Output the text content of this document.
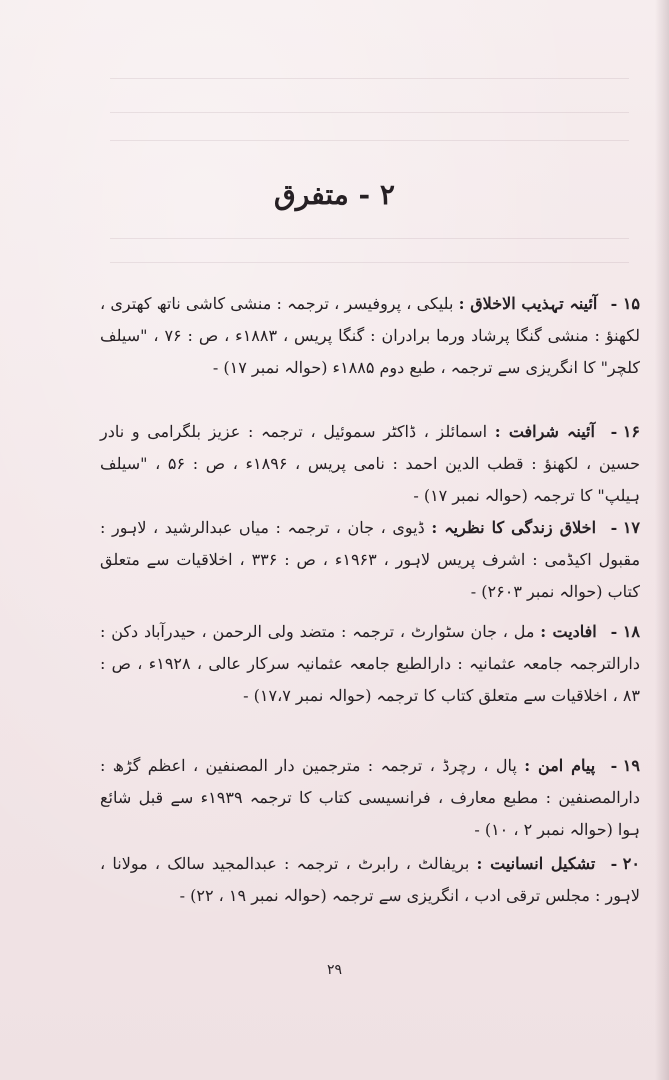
۲ - متفرق
۱۵ - آئینہ تہذیب الاخلاق : بلیکی ، پروفیسر ، ترجمہ : منشی کاشی ناتھ کھتری ، لکھنؤ : منشی گنگا پرشاد ورما برادران : گنگا پریس ، ۱۸۸۳ء ، ص : ۷۶ ، "سیلف کلچر" کا انگریزی سے ترجمہ ، طبع دوم ۱۸۸۵ء (حوالہ نمبر ۱۷) -
۱۶ - آئینہ شرافت : اسمائلز ، ڈاکٹر سموئیل ، ترجمہ : عزیز بلگرامی و نادر حسین ، لکھنؤ : قطب الدین احمد : نامی پریس ، ۱۸۹۶ء ، ص : ۵۶ ، "سیلف ہیلپ" کا ترجمہ (حوالہ نمبر ۱۷) -
۱۷ - اخلاق زندگی کا نظریہ : ڈیوی ، جان ، ترجمہ : میاں عبدالرشید ، لاہور : مقبول اکیڈمی : اشرف پریس لاہور ، ۱۹۶۳ء ، ص : ۳۳۶ ، اخلاقیات سے متعلق کتاب (حوالہ نمبر ۲۶۰۳) -
۱۸ - افادیت : مل ، جان سٹوارٹ ، ترجمہ : متضد ولی الرحمن ، حیدرآباد دکن : دارالترجمہ جامعہ عثمانیہ : دارالطبع جامعہ عثمانیہ سرکار عالی ، ۱۹۲۸ء ، ص : ۸۳ ، اخلاقیات سے متعلق کتاب کا ترجمہ (حوالہ نمبر ۱۷،۷) -
۱۹ - پیام امن : پال ، رچرڈ ، ترجمہ : مترجمین دار المصنفین ، اعظم گڑھ : دارالمصنفین : مطبع معارف ، فرانسیسی کتاب کا ترجمہ ۱۹۳۹ء سے قبل شائع ہوا (حوالہ نمبر ۲ ، ۱۰) -
۲۰ - تشکیل انسانیت : بریفالٹ ، رابرٹ ، ترجمہ : عبدالمجید سالک ، مولانا ، لاہور : مجلس ترقی ادب ، انگریزی سے ترجمہ (حوالہ نمبر ۱۹ ، ۲۲) -
۲۹
